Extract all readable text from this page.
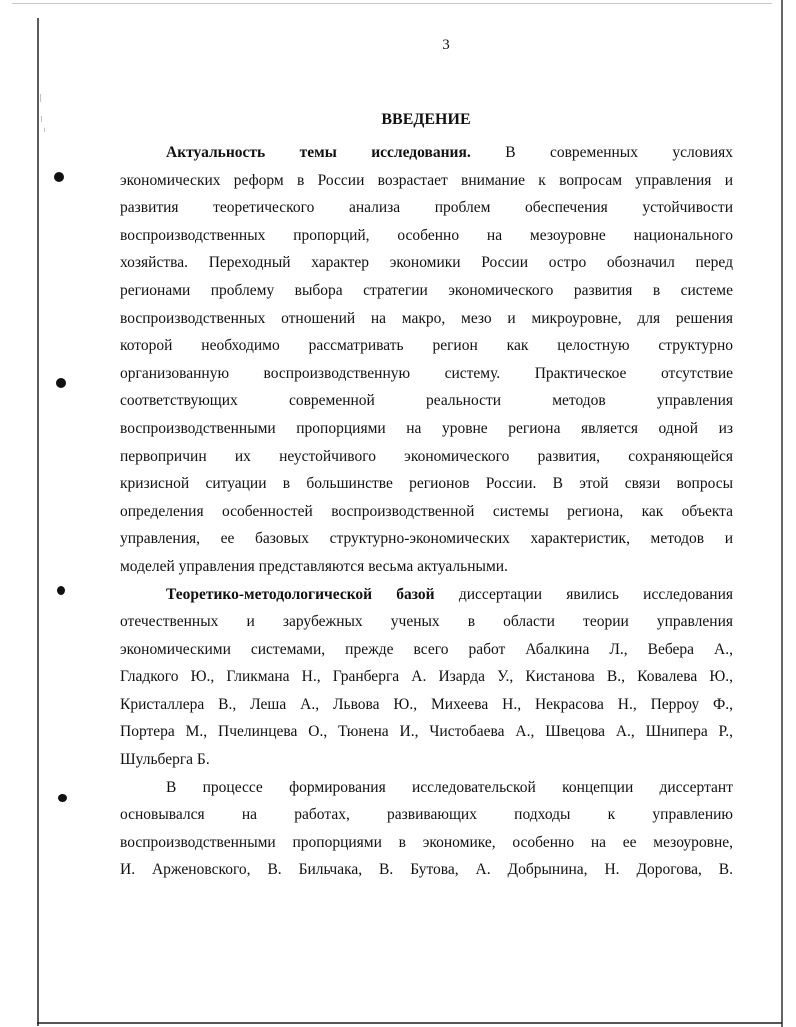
3
ВВЕДЕНИЕ
Актуальность темы исследования. В современных условиях
экономических реформ в России возрастает внимание к вопросам управления и
развития теоретического анализа проблем обеспечения устойчивости
воспроизводственных пропорций, особенно на мезоуровне национального
хозяйства. Переходный характер экономики России остро обозначил перед
регионами проблему выбора стратегии экономического развития в системе
воспроизводственных отношений на макро, мезо и микроуровне, для решения
которой необходимо рассматривать регион как целостную структурно
организованную воспроизводственную систему. Практическое отсутствие
соответствующих современной реальности методов управления
воспроизводственными пропорциями на уровне региона является одной из
первопричин их неустойчивого экономического развития, сохраняющейся
кризисной ситуации в большинстве регионов России. В этой связи вопросы
определения особенностей воспроизводственной системы региона, как объекта
управления, ее базовых структурно-экономических характеристик, методов и
моделей управления представляются весьма актуальными.
Теоретико-методологической базой диссертации явились исследования
отечественных и зарубежных ученых в области теории управления
экономическими системами, прежде всего работ Абалкина Л., Вебера А.,
Гладкого Ю., Гликмана Н., Гранберга А. Изарда У., Кистанова В., Ковалева Ю.,
Кристаллера В., Леша А., Львова Ю., Михеева Н., Некрасова Н., Перроу Ф.,
Портера М., Пчелинцева О., Тюнена И., Чистобаева А., Швецова А., Шнипера Р.,
Шульберга Б.
В процессе формирования исследовательской концепции диссертант
основывался на работах, развивающих подходы к управлению
воспроизводственными пропорциями в экономике, особенно на ее мезоуровне,
И. Арженовского, В. Бильчака, В. Бутова, А. Добрынина, Н. Дорогова, В.
